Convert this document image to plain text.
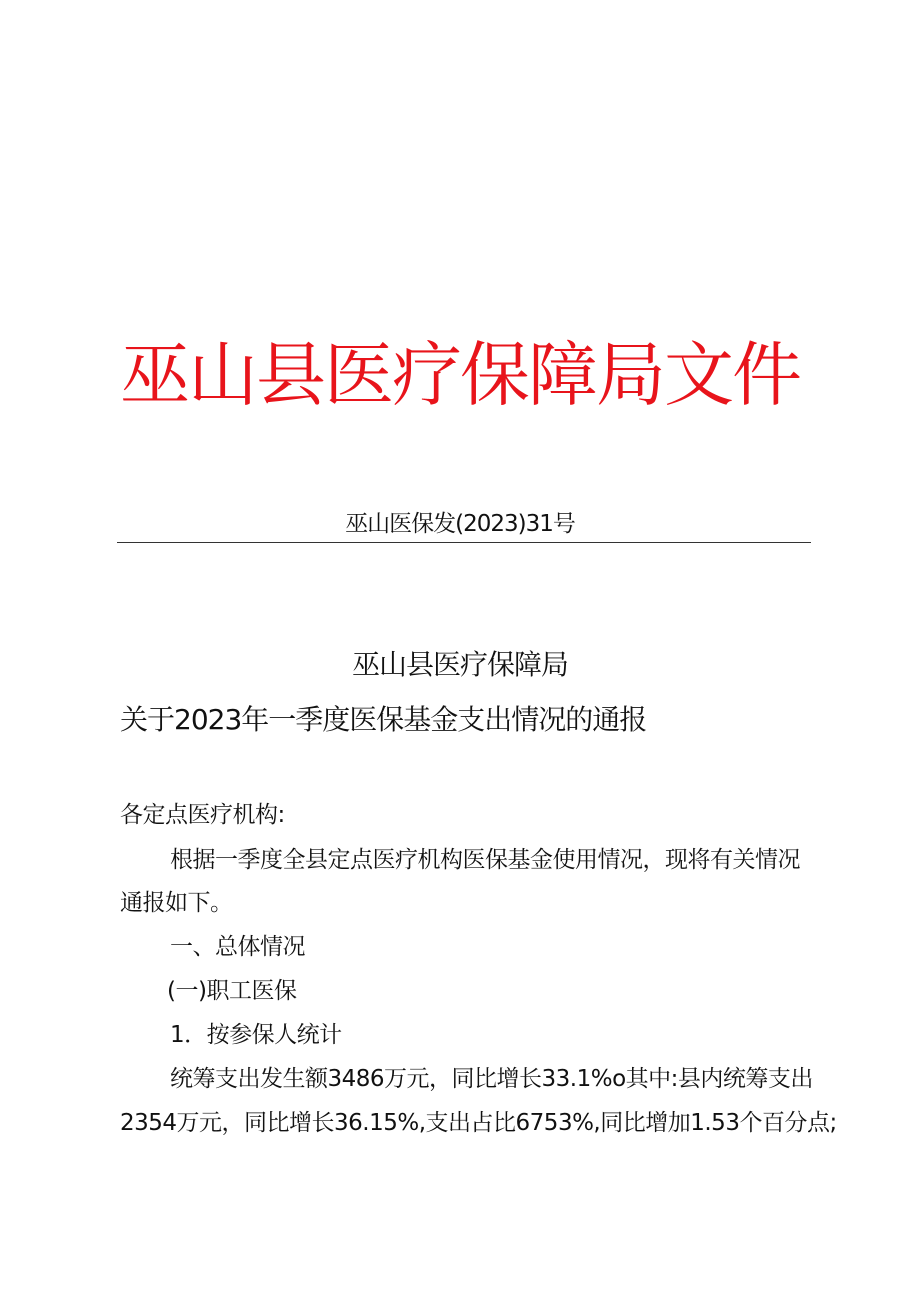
巫山县医疗保障局文件
巫山医保发(2023)31号
巫山县医疗保障局
关于2023年一季度医保基金支出情况的通报
各定点医疗机构:
根据一季度全县定点医疗机构医保基金使用情况，现将有关情况
通报如下。
一、总体情况
(一)职工医保
1．按参保人统计
统筹支出发生额3486万元，同比增长33.1%o其中:县内统筹支出
2354万元，同比增长36.15%,支出占比6753%,同比增加1.53个百分点;
